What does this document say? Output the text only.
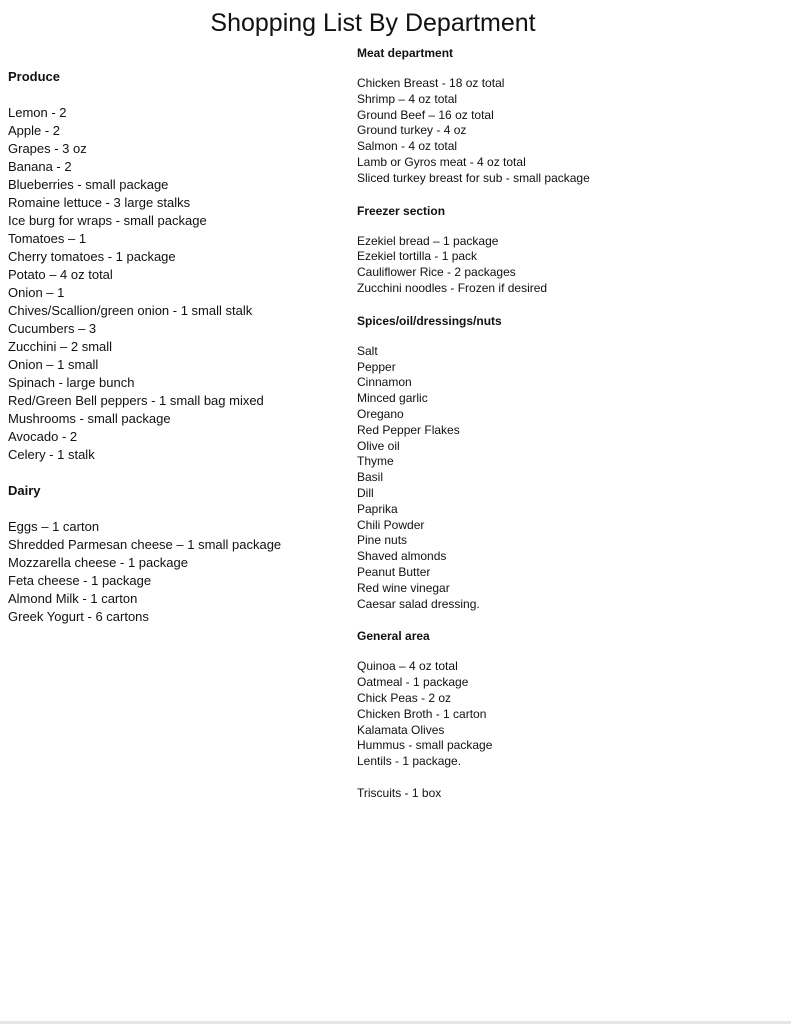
Shopping List By Department
Produce
Lemon - 2
Apple - 2
Grapes - 3 oz
Banana - 2
Blueberries - small package
Romaine lettuce - 3 large stalks
Ice burg for wraps - small package
Tomatoes – 1
Cherry tomatoes - 1 package
Potato – 4 oz total
Onion – 1
Chives/Scallion/green onion - 1 small stalk
Cucumbers – 3
Zucchini – 2 small
Onion – 1 small
Spinach - large bunch
Red/Green Bell peppers - 1 small bag mixed
Mushrooms - small package
Avocado - 2
Celery - 1 stalk
Dairy
Eggs – 1 carton
Shredded Parmesan cheese – 1 small package
Mozzarella cheese - 1 package
Feta cheese - 1 package
Almond Milk - 1 carton
Greek Yogurt - 6 cartons
Meat department
Chicken Breast - 18 oz total
Shrimp – 4 oz total
Ground Beef – 16 oz total
Ground turkey - 4 oz
Salmon - 4 oz total
Lamb or Gyros meat - 4 oz total
Sliced turkey breast for sub - small package
Freezer section
Ezekiel bread – 1 package
Ezekiel tortilla - 1 pack
Cauliflower Rice - 2 packages
Zucchini noodles - Frozen if desired
Spices/oil/dressings/nuts
Salt
Pepper
Cinnamon
Minced garlic
Oregano
Red Pepper Flakes
Olive oil
Thyme
Basil
Dill
Paprika
Chili Powder
Pine nuts
Shaved almonds
Peanut Butter
Red wine vinegar
Caesar salad dressing.
General area
Quinoa – 4 oz total
Oatmeal - 1 package
Chick Peas - 2 oz
Chicken Broth - 1 carton
Kalamata Olives
Hummus - small package
Lentils - 1 package.
Triscuits - 1 box
